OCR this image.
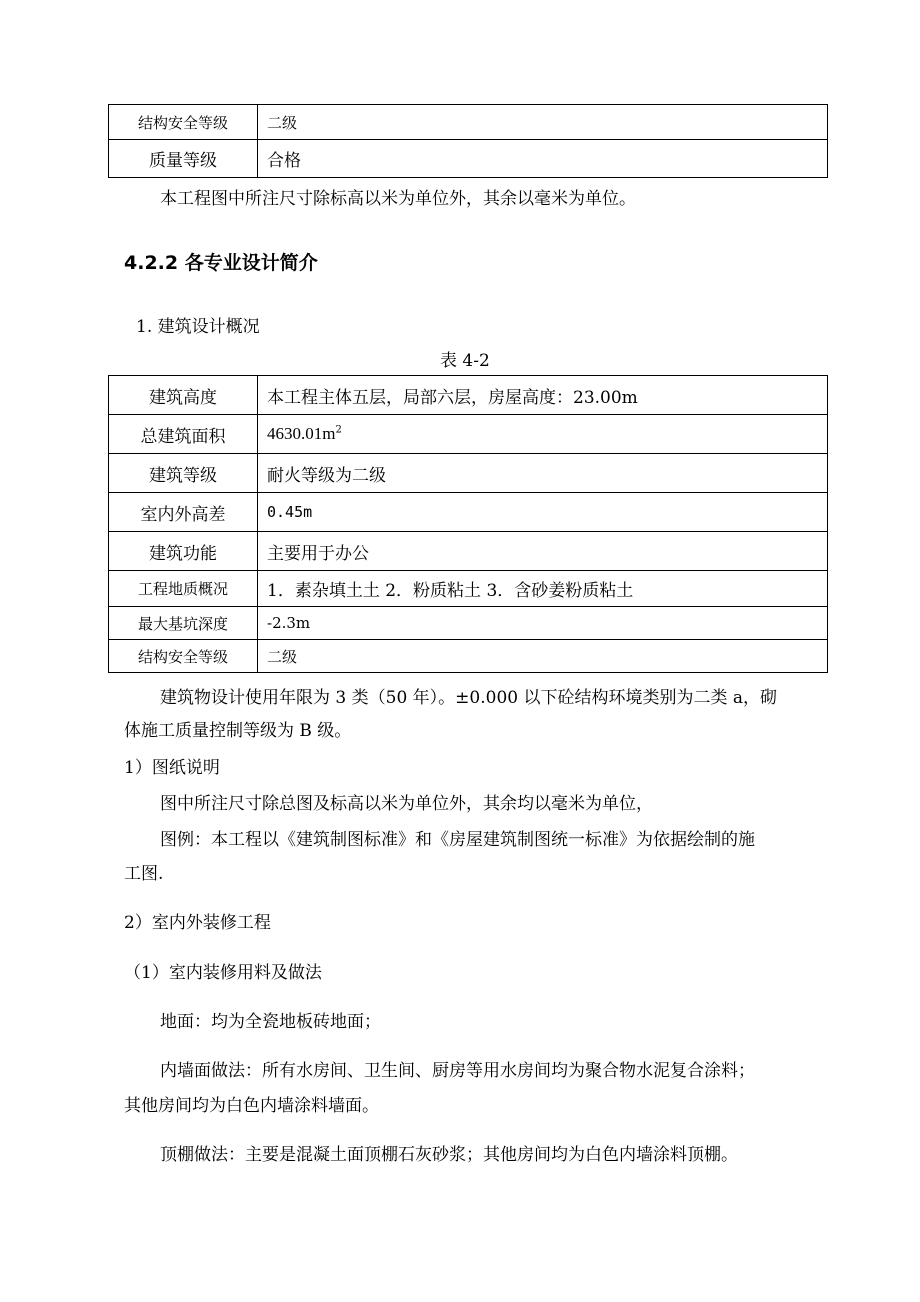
结构安全等级	二级
质量等级	合格
本工程图中所注尺寸除标高以米为单位外，其余以毫米为单位。
4.2.2 各专业设计简介
1. 建筑设计概况
表 4-2
建筑高度	本工程主体五层，局部六层，房屋高度：23.00m
总建筑面积	$4630.01m^2$
建筑等级	耐火等级为二级
室内外高差	0.45m
建筑功能	主要用于办公
工程地质概况	1．素杂填土土 2．粉质粘土 3．含砂姜粉质粘土
最大基坑深度	-2.3m
结构安全等级	二级
建筑物设计使用年限为 3 类（50 年）。±0.000 以下砼结构环境类别为二类 a，砌
体施工质量控制等级为 B 级。
1）图纸说明
图中所注尺寸除总图及标高以米为单位外，其余均以毫米为单位，
图例：本工程以《建筑制图标准》和《房屋建筑制图统一标准》为依据绘制的施
工图.
2）室内外装修工程
（1）室内装修用料及做法
地面：均为全瓷地板砖地面；
内墙面做法：所有水房间、卫生间、厨房等用水房间均为聚合物水泥复合涂料；
其他房间均为白色内墙涂料墙面。
顶棚做法：主要是混凝土面顶棚石灰砂浆；其他房间均为白色内墙涂料顶棚。
